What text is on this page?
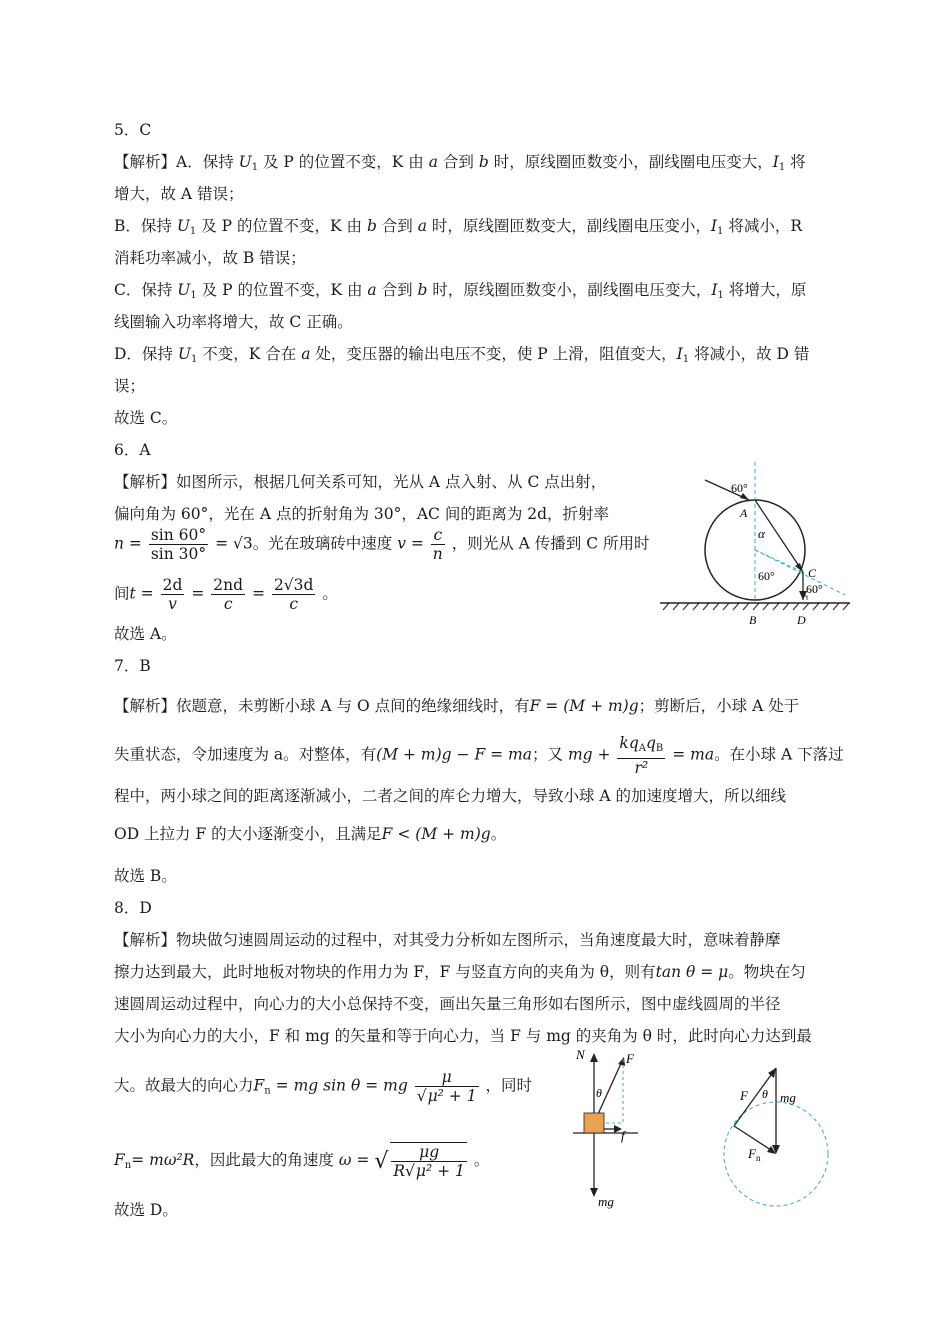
5．C
【解析】A．保持 $U_1$ 及 P 的位置不变，K 由 a 合到 b 时，原线圈匝数变小，副线圈电压变大，$I_1$ 将
增大，故 A 错误；
B．保持 $U_1$ 及 P 的位置不变，K 由 b 合到 a 时，原线圈匝数变大，副线圈电压变小，$I_1$ 将减小，R
消耗功率减小，故 B 错误；
C．保持 $U_1$ 及 P 的位置不变，K 由 a 合到 b 时，原线圈匝数变小，副线圈电压变大，$I_1$ 将增大，原
线圈输入功率将增大，故 C 正确。
D．保持 $U_1$ 不变，K 合在 a 处，变压器的输出电压不变，使 P 上滑，阻值变大，$I_1$ 将减小，故 D 错
误；
故选 C。
6．A
【解析】如图所示，根据几何关系可知，光从 A 点入射、从 C 点出射，
偏向角为 60°，光在 A 点的折射角为 30°，AC 间的距离为 2d，折射率
$n = \frac{\sin 60^\circ}{\sin 30^\circ} = √3$。光在玻璃砖中速度 $v = \frac{c}{n}$ ，则光从 A 传播到 C 所用时
间$t = \frac{2d}{v} = \frac{2nd}{c} = \frac{2√3d}{c}$ 。
故选 A。
60°
A
α
C
60°
60°
B	D
7．B
【解析】依题意，未剪断小球 A 与 O 点间的绝缘细线时，有F = (M + m)g；剪断后，小球 A 处于
失重状态，令加速度为 a。对整体，有(M + m)g − F = ma；又 mg + $\frac{kq_Aq_B}{\text{r²}}$ = ma。在小球 A 下落过
程中，两小球之间的距离逐渐减小，二者之间的库仑力增大，导致小球 A 的加速度增大，所以细线
OD 上拉力 F 的大小逐渐变小，且满足F < (M + m)g。
故选 B。
8．D
【解析】物块做匀速圆周运动的过程中，对其受力分析如左图所示，当角速度最大时，意味着静摩
擦力达到最大，此时地板对物块的作用力为 F，F 与竖直方向的夹角为 θ，则有tan θ = μ。物块在匀
速圆周运动过程中，向心力的大小总保持不变，画出矢量三角形如右图所示，图中虚线圆周的半径
大小为向心力的大小，F 和 mg 的矢量和等于向心力，当 F 与 mg 的夹角为 θ 时，此时向心力达到最
大。故最大的向心力$F_n$ = mg sin θ = mg $\frac{\mu}{\text{√μ² + 1}}$ ，同时
$F_n= m\omega^2R$，因此最大的角速度 ω = √ $\frac{\mu g}{\text{R√μ² + 1}}$ 。
故选 D。
N	F
θ
f
mg
F θ mg
$F_n$
